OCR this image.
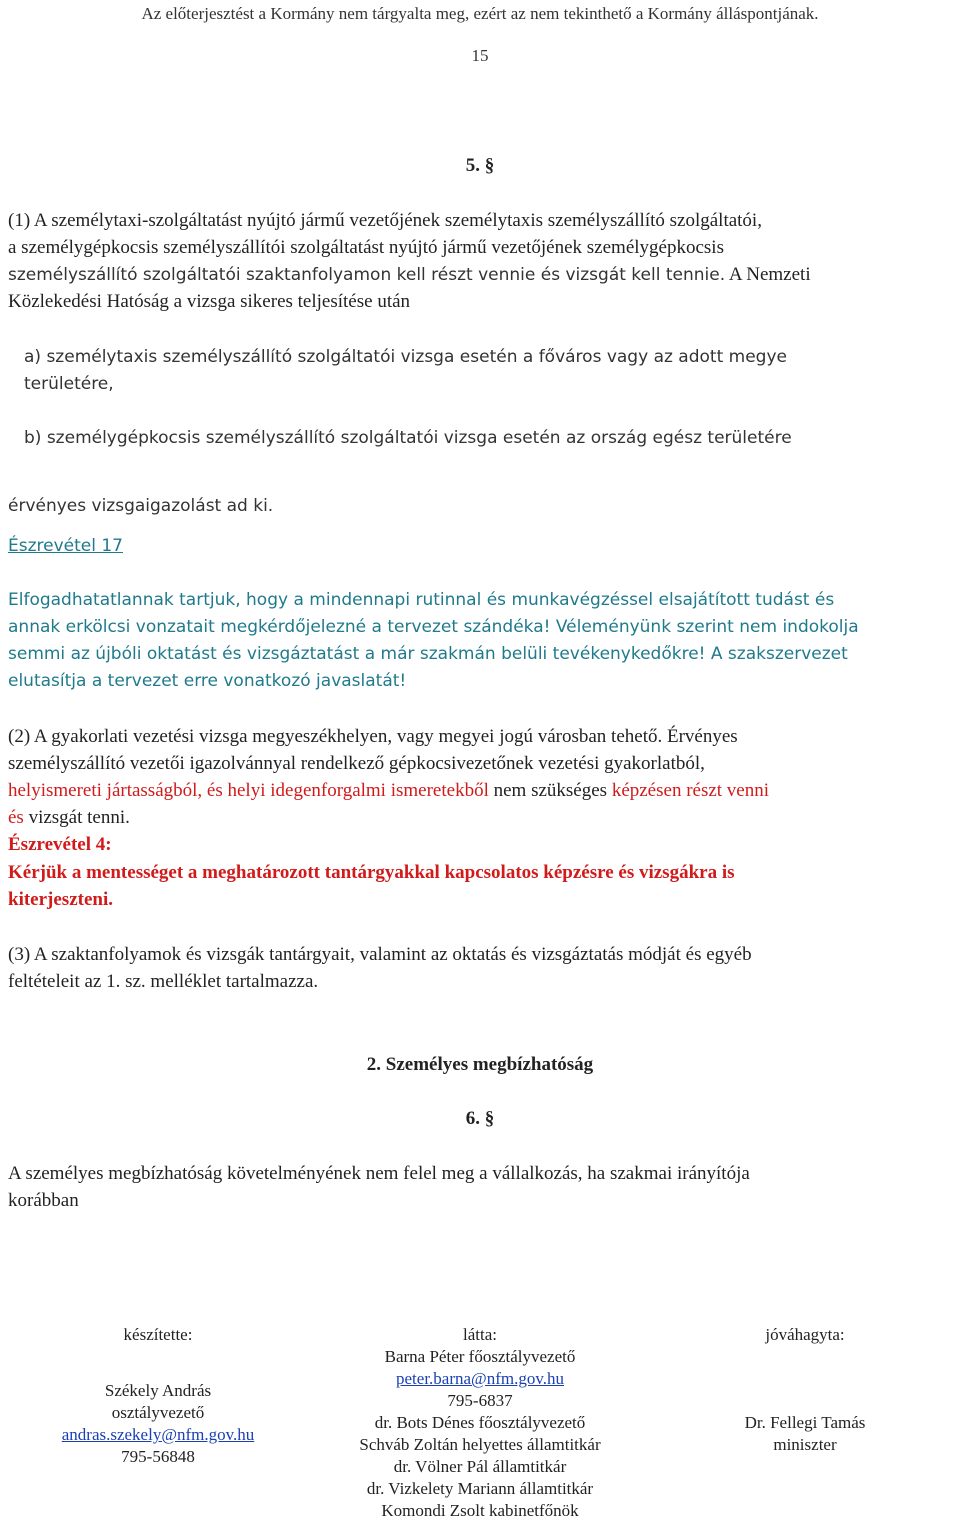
Az előterjesztést a Kormány nem tárgyalta meg, ezért az nem tekinthető a Kormány álláspontjának.
15
5. §
(1) A személytaxi-szolgáltatást nyújtó jármű vezetőjének személytaxis személyszállító szolgáltatói,
a személygépkocsis személyszállítói szolgáltatást nyújtó jármű vezetőjének személygépkocsis
személyszállító szolgáltatói szaktanfolyamon kell részt vennie és vizsgát kell tennie. A Nemzeti
Közlekedési Hatóság a vizsga sikeres teljesítése után
a) személytaxis személyszállító szolgáltatói vizsga esetén a főváros vagy az adott megye
területére,
b) személygépkocsis személyszállító szolgáltatói vizsga esetén az ország egész területére
érvényes vizsgaigazolást ad ki.
Észrevétel 17
Elfogadhatatlannak tartjuk, hogy a mindennapi rutinnal és munkavégzéssel elsajátított tudást és
annak erkölcsi vonzatait megkérdőjelezné a tervezet szándéka! Véleményünk szerint nem indokolja
semmi az újbóli oktatást és vizsgáztatást a már szakmán belüli tevékenykedőkre! A szakszervezet
elutasítja a tervezet erre vonatkozó javaslatát!
(2) A gyakorlati vezetési vizsga megyeszékhelyen, vagy megyei jogú városban tehető. Érvényes
személyszállító vezetői igazolvánnyal rendelkező gépkocsivezetőnek vezetési gyakorlatból,
helyismereti jártasságból, és helyi idegenforgalmi ismeretekből nem szükséges képzésen részt venni
és vizsgát tenni.
Észrevétel 4:
Kérjük a mentességet a meghatározott tantárgyakkal kapcsolatos képzésre és vizsgákra is
kiterjeszteni.
(3) A szaktanfolyamok és vizsgák tantárgyait, valamint az oktatás és vizsgáztatás módját és egyéb
feltételeit az 1. sz. melléklet tartalmazza.
2. Személyes megbízhatóság
6. §
A személyes megbízhatóság követelményének nem felel meg a vállalkozás, ha szakmai irányítója
korábban
készítette:
Székely András
osztályvezető
andras.szekely@nfm.gov.hu
795-56848
látta:
Barna Péter főosztályvezető
peter.barna@nfm.gov.hu
795-6837
dr. Bots Dénes főosztályvezető
Schváb Zoltán helyettes államtitkár
dr. Völner Pál államtitkár
dr. Vizkelety Mariann államtitkár
Komondi Zsolt kabinetfőnök
jóváhagyta:
Dr. Fellegi Tamás
miniszter
